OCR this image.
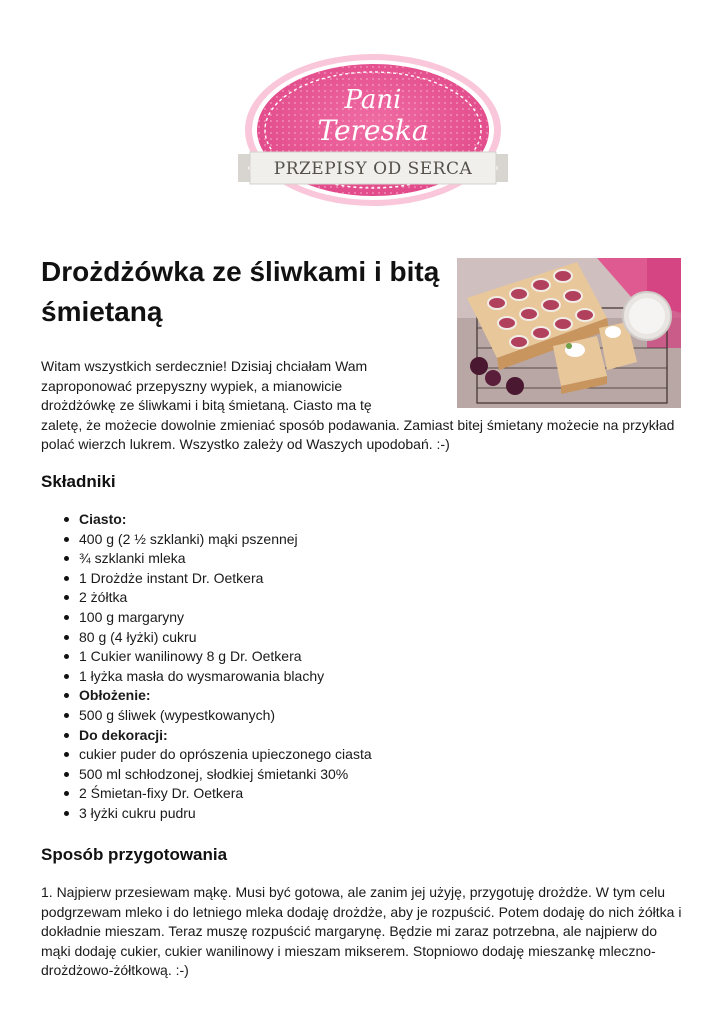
Pani
Tereska
PRZEPISY OD SERCA
Drożdżówka ze śliwkami i bitą śmietaną

Witam wszystkich serdecznie! Dzisiaj chciałam Wam zaproponować przepyszny wypiek, a mianowicie drożdżówkę ze śliwkami i bitą śmietaną. Ciasto ma tę zaletę, że możecie dowolnie zmieniać sposób podawania. Zamiast bitej śmietany możecie na przykład polać wierzch lukrem. Wszystko zależy od Waszych upodobań. :-)

Składniki
Ciasto:
400 g (2 ½ szklanki) mąki pszennej
¾ szklanki mleka
1 Drożdże instant Dr. Oetkera
2 żółtka
100 g margaryny
80 g (4 łyżki) cukru
1 Cukier wanilinowy 8 g Dr. Oetkera
1 łyżka masła do wysmarowania blachy
Obłożenie:
500 g śliwek (wypestkowanych)
Do dekoracji:
cukier puder do oprószenia upieczonego ciasta
500 ml schłodzonej, słodkiej śmietanki 30%
2 Śmietan-fixy Dr. Oetkera
3 łyżki cukru pudru
Sposób przygotowania

1. Najpierw przesiewam mąkę. Musi być gotowa, ale zanim jej użyję, przygotuję drożdże. W tym celu podgrzewam mleko i do letniego mleka dodaję drożdże, aby je rozpuścić. Potem dodaję do nich żółtka i dokładnie mieszam. Teraz muszę rozpuścić margarynę. Będzie mi zaraz potrzebna, ale najpierw do mąki dodaję cukier, cukier wanilinowy i mieszam mikserem. Stopniowo dodaję mieszankę mleczno-drożdżowo-żółtkową. :-)
